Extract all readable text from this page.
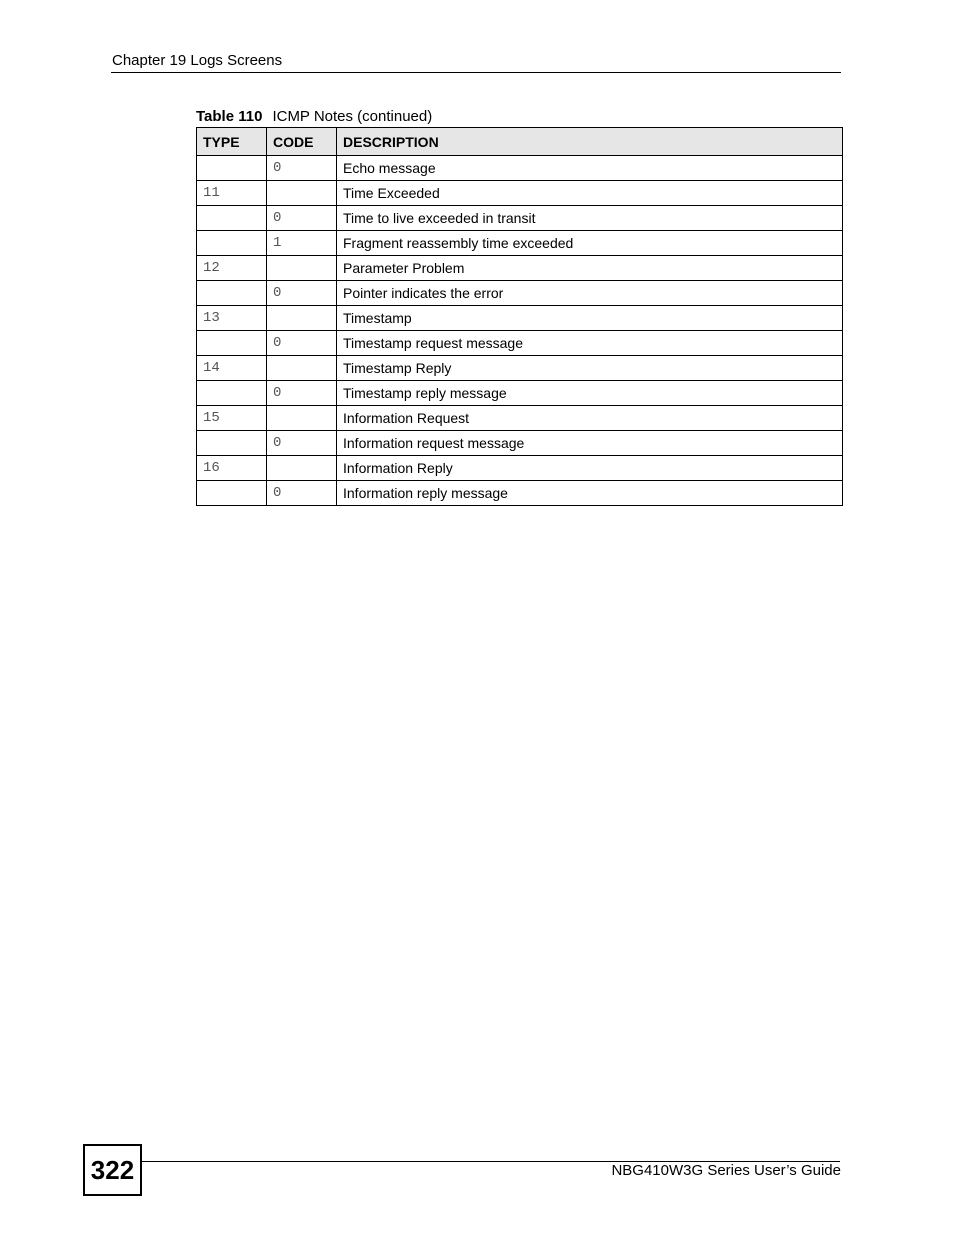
Chapter 19 Logs Screens
Table 110 ICMP Notes (continued)
TYPE	CODE	DESCRIPTION
	0	Echo message
11		Time Exceeded
	0	Time to live exceeded in transit
	1	Fragment reassembly time exceeded
12		Parameter Problem
	0	Pointer indicates the error
13		Timestamp
	0	Timestamp request message
14		Timestamp Reply
	0	Timestamp reply message
15		Information Request
	0	Information request message
16		Information Reply
	0	Information reply message
322	NBG410W3G Series User’s Guide
